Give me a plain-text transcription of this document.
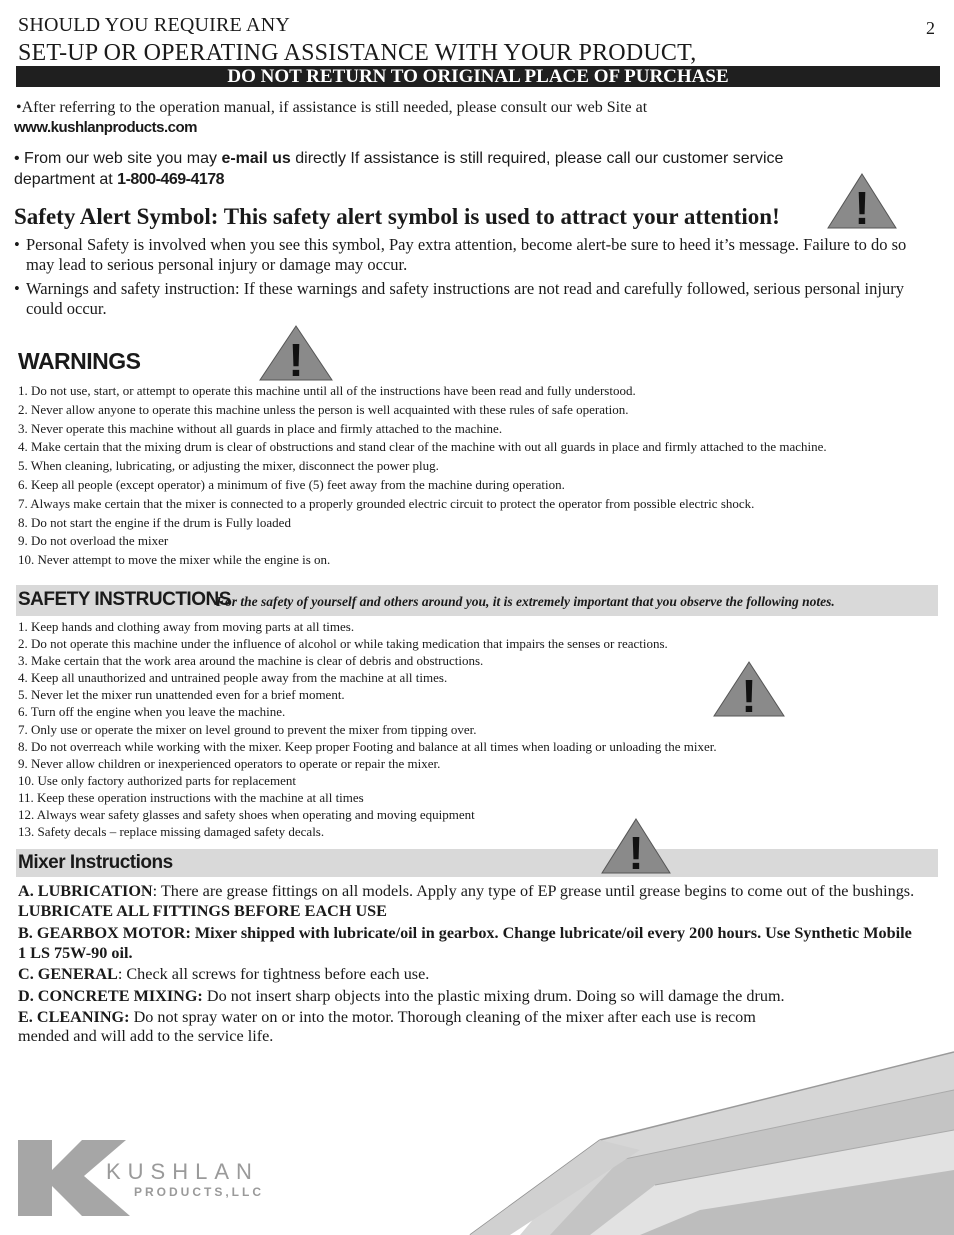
SHOULD YOU REQUIRE ANY
SET-UP OR OPERATING ASSISTANCE WITH YOUR PRODUCT,
2
DO NOT RETURN TO ORIGINAL PLACE OF PURCHASE
•After referring to the operation manual, if assistance is still needed, please consult our web Site at
www.kushlanproducts.com
• From our web site you may e-mail us directly If assistance is still required, please call our customer service
department at 1-800-469-4178
Safety Alert Symbol: This safety alert symbol is used to attract your attention! !
• Personal Safety is involved when you see this symbol, Pay extra attention, become alert-be sure to heed it’s message. Failure to do so may lead to serious personal injury or damage may occur.
• Warnings and safety instruction: If these warnings and safety instructions are not read and carefully followed, serious personal injury could occur.
WARNINGS	!
1. Do not use, start, or attempt to operate this machine until all of the instructions have been read and fully understood.
2. Never allow anyone to operate this machine unless the person is well acquainted with these rules of safe operation.
3. Never operate this machine without all guards in place and firmly attached to the machine.
4. Make certain that the mixing drum is clear of obstructions and stand clear of the machine with out all guards in place and firmly attached to the machine.
5. When cleaning, lubricating, or adjusting the mixer, disconnect the power plug.
6. Keep all people (except operator) a minimum of five (5) feet away from the machine during operation.
7. Always make certain that the mixer is connected to a properly grounded electric circuit to protect the operator from possible electric shock.
8. Do not start the engine if the drum is Fully loaded
9. Do not overload the mixer
10. Never attempt to move the mixer while the engine is on.
SAFETY INSTRUCTIONS
For the safety of yourself and others around you, it is extremely important that you observe the following notes.
1. Keep hands and clothing away from moving parts at all times.
2. Do not operate this machine under the influence of alcohol or while taking medication that impairs the senses or reactions.
3. Make certain that the work area around the machine is clear of debris and obstructions.
4. Keep all unauthorized and untrained people away from the machine at all times.
5. Never let the mixer run unattended even for a brief moment.
6. Turn off the engine when you leave the machine.
7. Only use or operate the mixer on level ground to prevent the mixer from tipping over.
8. Do not overreach while working with the mixer. Keep proper Footing and balance at all times when loading or unloading the mixer.
9. Never allow children or inexperienced operators to operate or repair the mixer.
10. Use only factory authorized parts for replacement
11. Keep these operation instructions with the machine at all times
12. Always wear safety glasses and safety shoes when operating and moving equipment
13. Safety decals – replace missing damaged safety decals.
!
Mixer Instructions	!
A. LUBRICATION: There are grease fittings on all models. Apply any type of EP grease until grease begins to come out of the bushings. LUBRICATE ALL FITTINGS BEFORE EACH USE
B. GEARBOX MOTOR: Mixer shipped with lubricate/oil in gearbox. Change lubricate/oil every 200 hours. Use Synthetic Mobile 1 LS 75W-90 oil.
C. GENERAL: Check all screws for tightness before each use.
D. CONCRETE MIXING: Do not insert sharp objects into the plastic mixing drum. Doing so will damage the drum.
E. CLEANING: Do not spray water on or into the motor. Thorough cleaning of the mixer after each use is recom
mended and will add to the service life.
KUSHLAN
PRODUCTS,LLC
